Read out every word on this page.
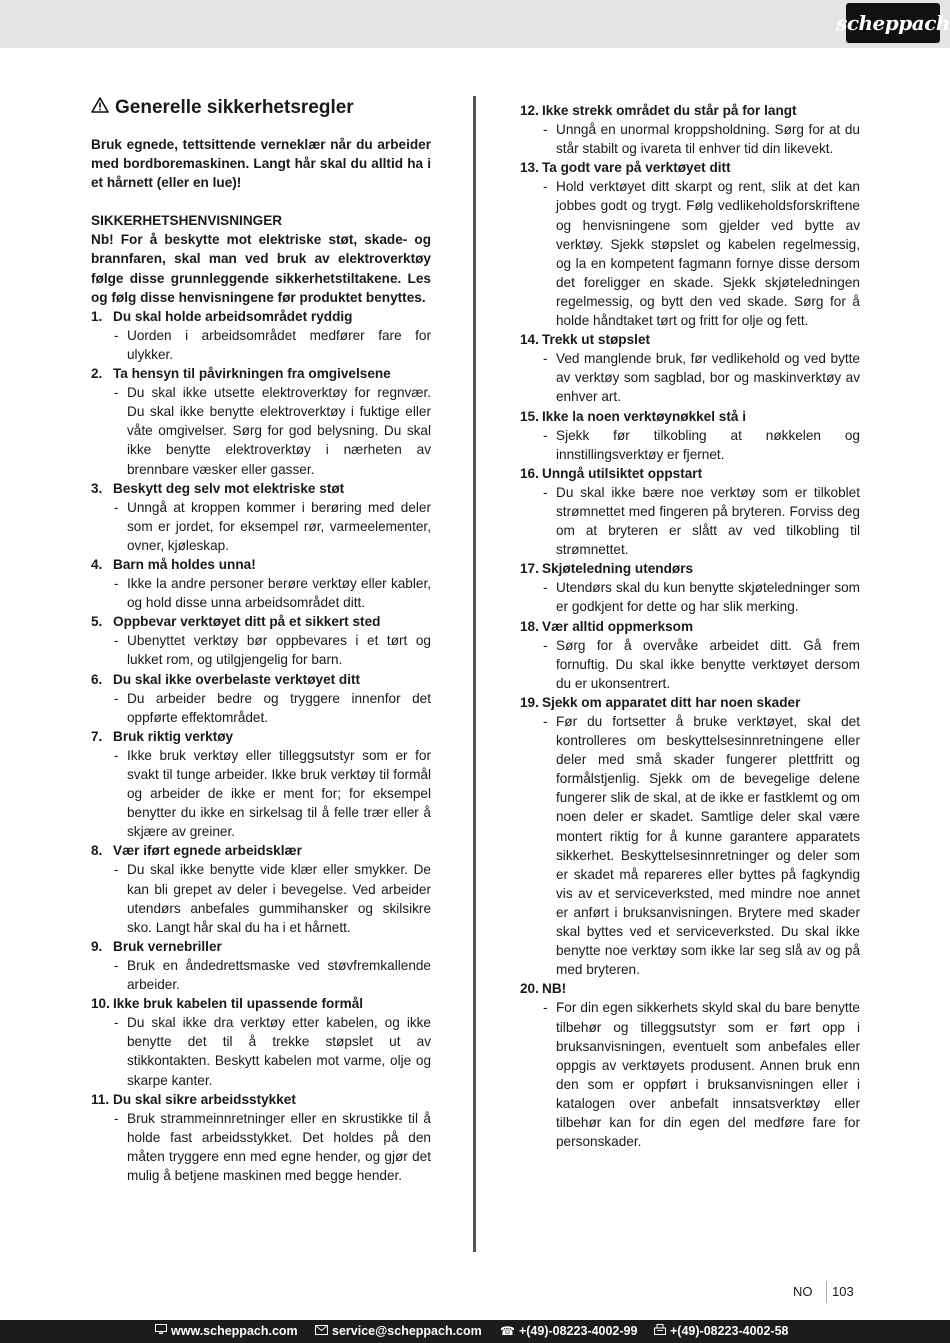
scheppach
Generelle sikkerhetsregler

Bruk egnede, tettsittende verneklær når du arbeider med bordboremaskinen. Langt hår skal du alltid ha i et hårnett (eller en lue)!

SIKKERHETSHENVISNINGER

Nb! For å beskytte mot elektriske støt, skade- og brannfaren, skal man ved bruk av elektroverktøy følge disse grunnleggende sikkerhetstiltakene. Les og følg disse henvisningene før produktet benyttes.

1. Du skal holde arbeidsområdet ryddig
- Uorden i arbeidsområdet medfører fare for ulykker.
2. Ta hensyn til påvirkningen fra omgivelsene
- Du skal ikke utsette elektroverktøy for regnvær. Du skal ikke benytte elektroverktøy i fuktige eller våte omgivelser. Sørg for god belysning. Du skal ikke benytte elektroverktøy i nærheten av brennbare væsker eller gasser.
3. Beskytt deg selv mot elektriske støt
- Unngå at kroppen kommer i berøring med deler som er jordet, for eksempel rør, varmeelementer, ovner, kjøleskap.
4. Barn må holdes unna!
- Ikke la andre personer berøre verktøy eller kabler, og hold disse unna arbeidsområdet ditt.
5. Oppbevar verktøyet ditt på et sikkert sted
- Ubenyttet verktøy bør oppbevares i et tørt og lukket rom, og utilgjengelig for barn.
6. Du skal ikke overbelaste verktøyet ditt
- Du arbeider bedre og tryggere innenfor det oppførte effektområdet.
7. Bruk riktig verktøy
- Ikke bruk verktøy eller tilleggsutstyr som er for svakt til tunge arbeider. Ikke bruk verktøy til formål og arbeider de ikke er ment for; for eksempel benytter du ikke en sirkelsag til å felle trær eller å skjære av greiner.
8. Vær iført egnede arbeidsklær
- Du skal ikke benytte vide klær eller smykker. De kan bli grepet av deler i bevegelse. Ved arbeider utendørs anbefales gummihansker og skilsikre sko. Langt hår skal du ha i et hårnett.
9. Bruk vernebriller
- Bruk en åndedrettsmaske ved støvfremkallende arbeider.
10. Ikke bruk kabelen til upassende formål
- Du skal ikke dra verktøy etter kabelen, og ikke benytte det til å trekke støpslet ut av stikkontakten. Beskytt kabelen mot varme, olje og skarpe kanter.
11. Du skal sikre arbeidsstykket
- Bruk strammeinnretninger eller en skrustikke til å holde fast arbeidsstykket. Det holdes på den måten tryggere enn med egne hender, og gjør det mulig å betjene maskinen med begge hender.
12. Ikke strekk området du står på for langt
- Unngå en unormal kroppsholdning. Sørg for at du står stabilt og ivareta til enhver tid din likevekt.
13. Ta godt vare på verktøyet ditt
- Hold verktøyet ditt skarpt og rent, slik at det kan jobbes godt og trygt. Følg vedlikeholdsforskriftene og henvisningene som gjelder ved bytte av verktøy. Sjekk støpslet og kabelen regelmessig, og la en kompetent fagmann fornye disse dersom det foreligger en skade. Sjekk skjøteledningen regelmessig, og bytt den ved skade. Sørg for å holde håndtaket tørt og fritt for olje og fett.
14. Trekk ut støpslet
- Ved manglende bruk, før vedlikehold og ved bytte av verktøy som sagblad, bor og maskinverktøy av enhver art.
15. Ikke la noen verktøynøkkel stå i
- Sjekk før tilkobling at nøkkelen og innstillingsverktøy er fjernet.
16. Unngå utilsiktet oppstart
- Du skal ikke bære noe verktøy som er tilkoblet strømnettet med fingeren på bryteren. Forviss deg om at bryteren er slått av ved tilkobling til strømnettet.
17. Skjøteledning utendørs
- Utendørs skal du kun benytte skjøteledninger som er godkjent for dette og har slik merking.
18. Vær alltid oppmerksom
- Sørg for å overvåke arbeidet ditt. Gå frem fornuftig. Du skal ikke benytte verktøyet dersom du er ukonsentrert.
19. Sjekk om apparatet ditt har noen skader
- Før du fortsetter å bruke verktøyet, skal det kontrolleres om beskyttelsesinnretningene eller deler med små skader fungerer plettfritt og formålstjenlig. Sjekk om de bevegelige delene fungerer slik de skal, at de ikke er fastklemt og om noen deler er skadet. Samtlige deler skal være montert riktig for å kunne garantere apparatets sikkerhet. Beskyttelsesinnretninger og deler som er skadet må repareres eller byttes på fagkyndig vis av et serviceverksted, med mindre noe annet er anført i bruksanvisningen. Brytere med skader skal byttes ved et serviceverksted. Du skal ikke benytte noe verktøy som ikke lar seg slå av og på med bryteren.
20. NB!
- For din egen sikkerhets skyld skal du bare benytte tilbehør og tilleggsutstyr som er ført opp i bruksanvisningen, eventuelt som anbefales eller oppgis av verktøyets produsent. Annen bruk enn den som er oppført i bruksanvisningen eller i katalogen over anbefalt innsatsverktøy eller tilbehør kan for din egen del medføre fare for personskader.
NO 103
www.scheppach.com	service@scheppach.com ☎ +(49)-08223-4002-99	+(49)-08223-4002-58
